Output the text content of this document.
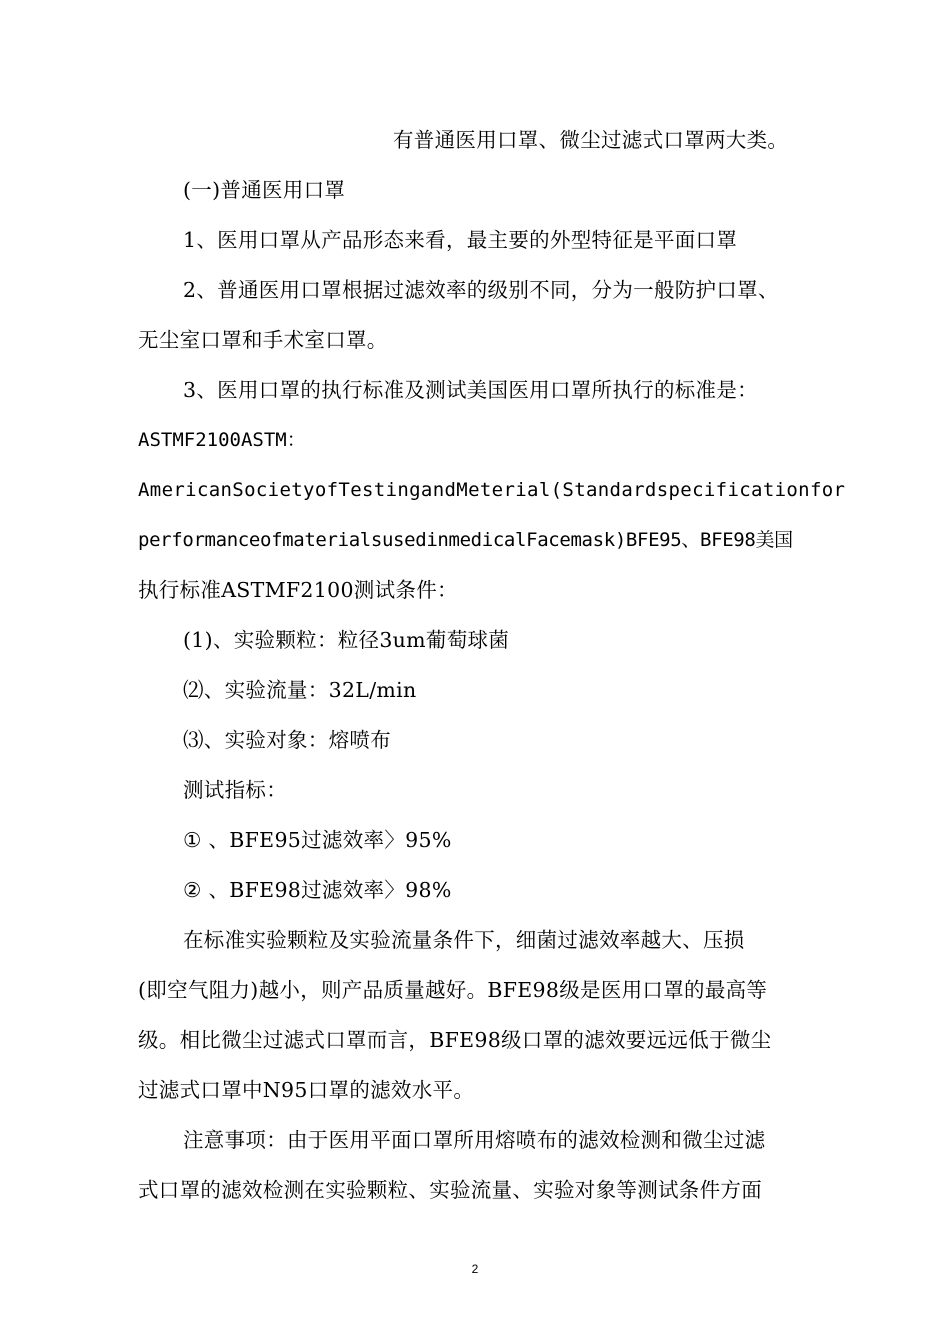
有普通医用口罩、微尘过滤式口罩两大类。
(一)普通医用口罩
1、医用口罩从产品形态来看，最主要的外型特征是平面口罩
2、普通医用口罩根据过滤效率的级别不同，分为一般防护口罩、
无尘室口罩和手术室口罩。
3、医用口罩的执行标准及测试美国医用口罩所执行的标准是：
ASTMF2100ASTM：
AmericanSocietyofTestingandMeterial(Standardspecificationfor
performanceofmaterialsusedinmedicalFacemask)BFE95、BFE98美国
执行标准ASTMF2100测试条件：
(1)、实验颗粒：粒径3um葡萄球菌
⑵、实验流量：32L/min
⑶、实验对象：熔喷布
测试指标：
① 、BFE95过滤效率〉95%
② 、BFE98过滤效率〉98%
在标准实验颗粒及实验流量条件下，细菌过滤效率越大、压损
(即空气阻力)越小，则产品质量越好。BFE98级是医用口罩的最高等
级。相比微尘过滤式口罩而言，BFE98级口罩的滤效要远远低于微尘
过滤式口罩中N95口罩的滤效水平。
注意事项：由于医用平面口罩所用熔喷布的滤效检测和微尘过滤
式口罩的滤效检测在实验颗粒、实验流量、实验对象等测试条件方面
2
